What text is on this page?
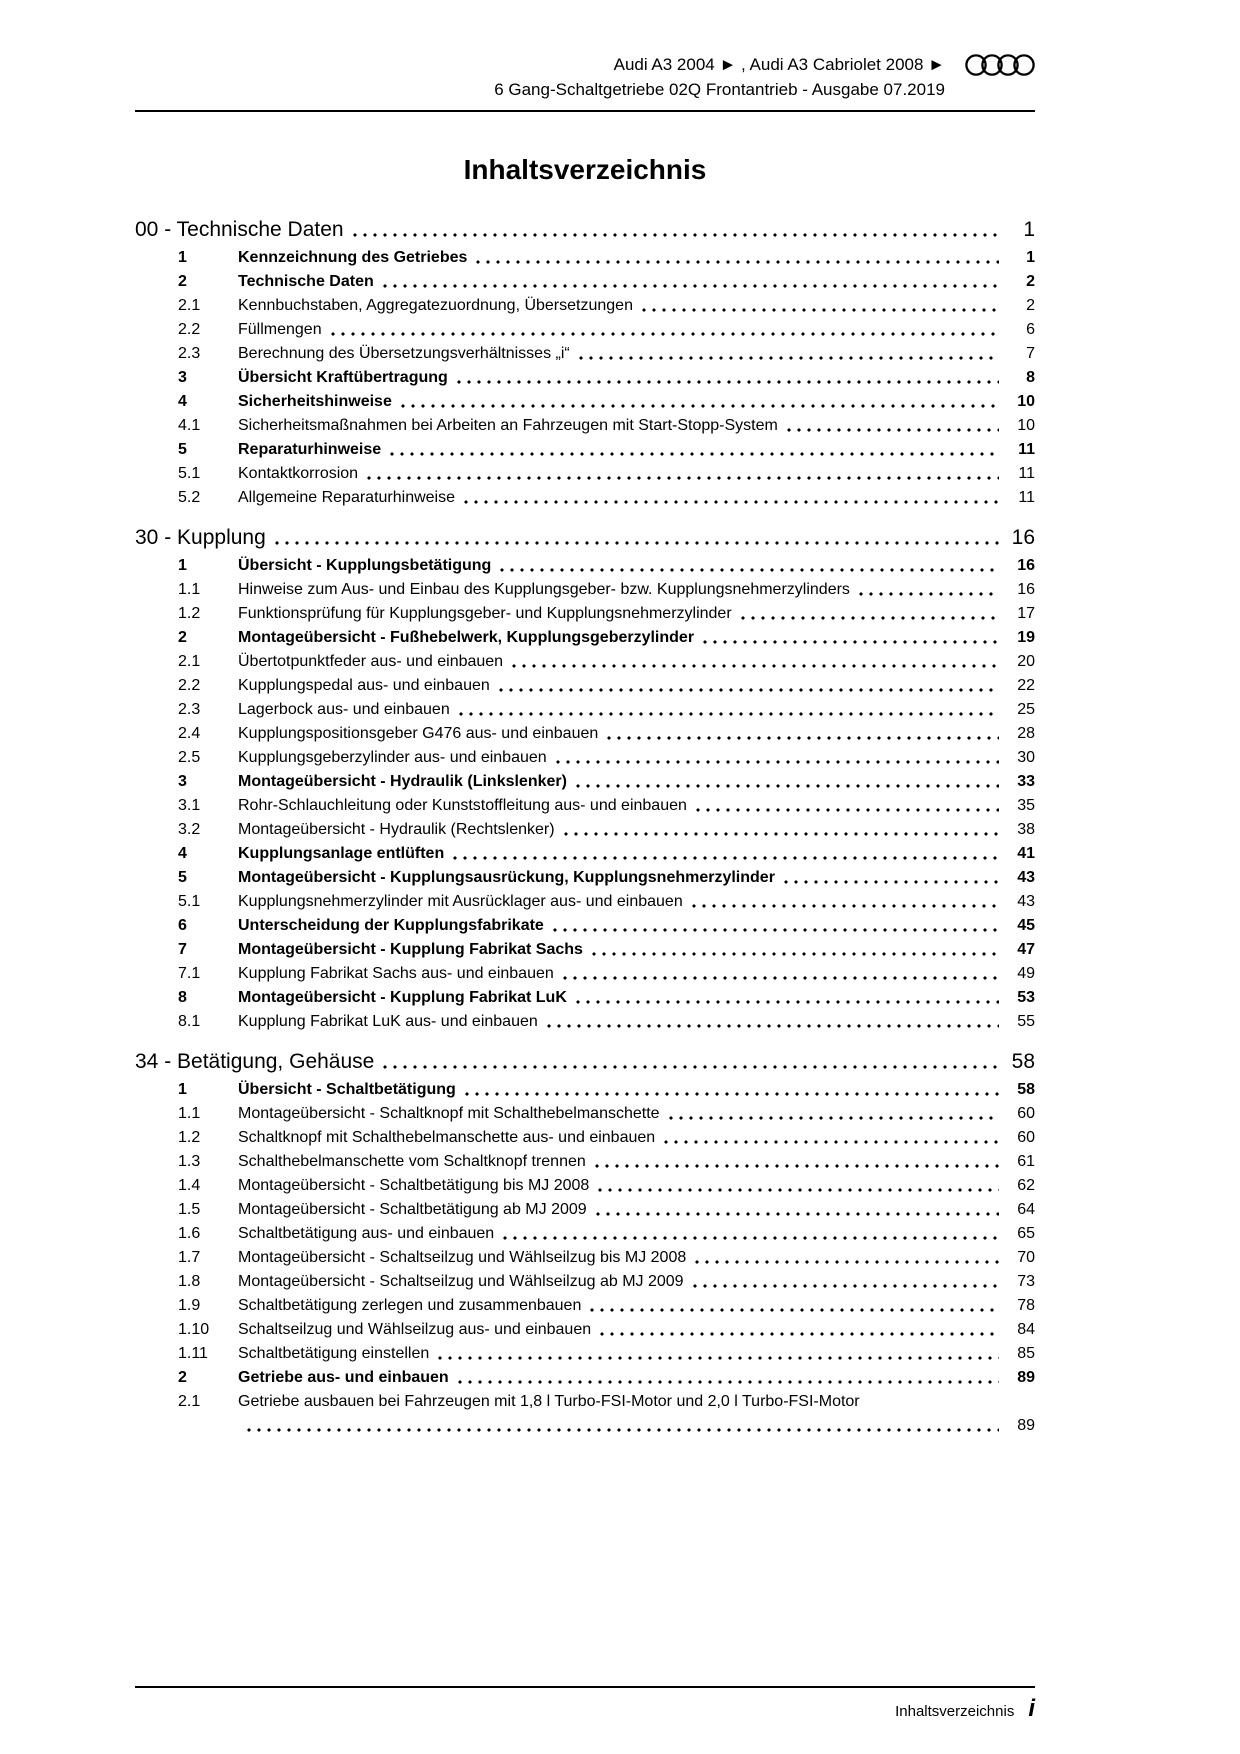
Audi A3 2004 ► , Audi A3 Cabriolet 2008 ►
6 Gang-Schaltgetriebe 02Q Frontantrieb - Ausgabe 07.2019
Inhaltsverzeichnis
00 - Technische Daten	1
1	Kennzeichnung des Getriebes	1
2	Technische Daten	2
2.1	Kennbuchstaben, Aggregatezuordnung, Übersetzungen	2
2.2	Füllmengen	6
2.3	Berechnung des Übersetzungsverhältnisses „i“	7
3	Übersicht Kraftübertragung	8
4	Sicherheitshinweise	10
4.1	Sicherheitsmaßnahmen bei Arbeiten an Fahrzeugen mit Start-Stopp-System	10
5	Reparaturhinweise	11
5.1	Kontaktkorrosion	11
5.2	Allgemeine Reparaturhinweise	11
30 - Kupplung	16
1	Übersicht - Kupplungsbetätigung	16
1.1	Hinweise zum Aus- und Einbau des Kupplungsgeber- bzw. Kupplungsnehmerzylinders	16
1.2	Funktionsprüfung für Kupplungsgeber- und Kupplungsnehmerzylinder	17
2	Montageübersicht - Fußhebelwerk, Kupplungsgeberzylinder	19
2.1	Übertotpunktfeder aus- und einbauen	20
2.2	Kupplungspedal aus- und einbauen	22
2.3	Lagerbock aus- und einbauen	25
2.4	Kupplungspositionsgeber G476 aus- und einbauen	28
2.5	Kupplungsgeberzylinder aus- und einbauen	30
3	Montageübersicht - Hydraulik (Linkslenker)	33
3.1	Rohr-Schlauchleitung oder Kunststoffleitung aus- und einbauen	35
3.2	Montageübersicht - Hydraulik (Rechtslenker)	38
4	Kupplungsanlage entlüften	41
5	Montageübersicht - Kupplungsausrückung, Kupplungsnehmerzylinder	43
5.1	Kupplungsnehmerzylinder mit Ausrücklager aus- und einbauen	43
6	Unterscheidung der Kupplungsfabrikate	45
7	Montageübersicht - Kupplung Fabrikat Sachs	47
7.1	Kupplung Fabrikat Sachs aus- und einbauen	49
8	Montageübersicht - Kupplung Fabrikat LuK	53
8.1	Kupplung Fabrikat LuK aus- und einbauen	55
34 - Betätigung, Gehäuse	58
1	Übersicht - Schaltbetätigung	58
1.1	Montageübersicht - Schaltknopf mit Schalthebelmanschette	60
1.2	Schaltknopf mit Schalthebelmanschette aus- und einbauen	60
1.3	Schalthebelmanschette vom Schaltknopf trennen	61
1.4	Montageübersicht - Schaltbetätigung bis MJ 2008	62
1.5	Montageübersicht - Schaltbetätigung ab MJ 2009	64
1.6	Schaltbetätigung aus- und einbauen	65
1.7	Montageübersicht - Schaltseilzug und Wählseilzug bis MJ 2008	70
1.8	Montageübersicht - Schaltseilzug und Wählseilzug ab MJ 2009	73
1.9	Schaltbetätigung zerlegen und zusammenbauen	78
1.10	Schaltseilzug und Wählseilzug aus- und einbauen	84
1.11	Schaltbetätigung einstellen	85
2	Getriebe aus- und einbauen	89
2.1	Getriebe ausbauen bei Fahrzeugen mit 1,8 l Turbo-FSI-Motor und 2,0 l Turbo-FSI-Motor
89
Inhaltsverzeichnis i
